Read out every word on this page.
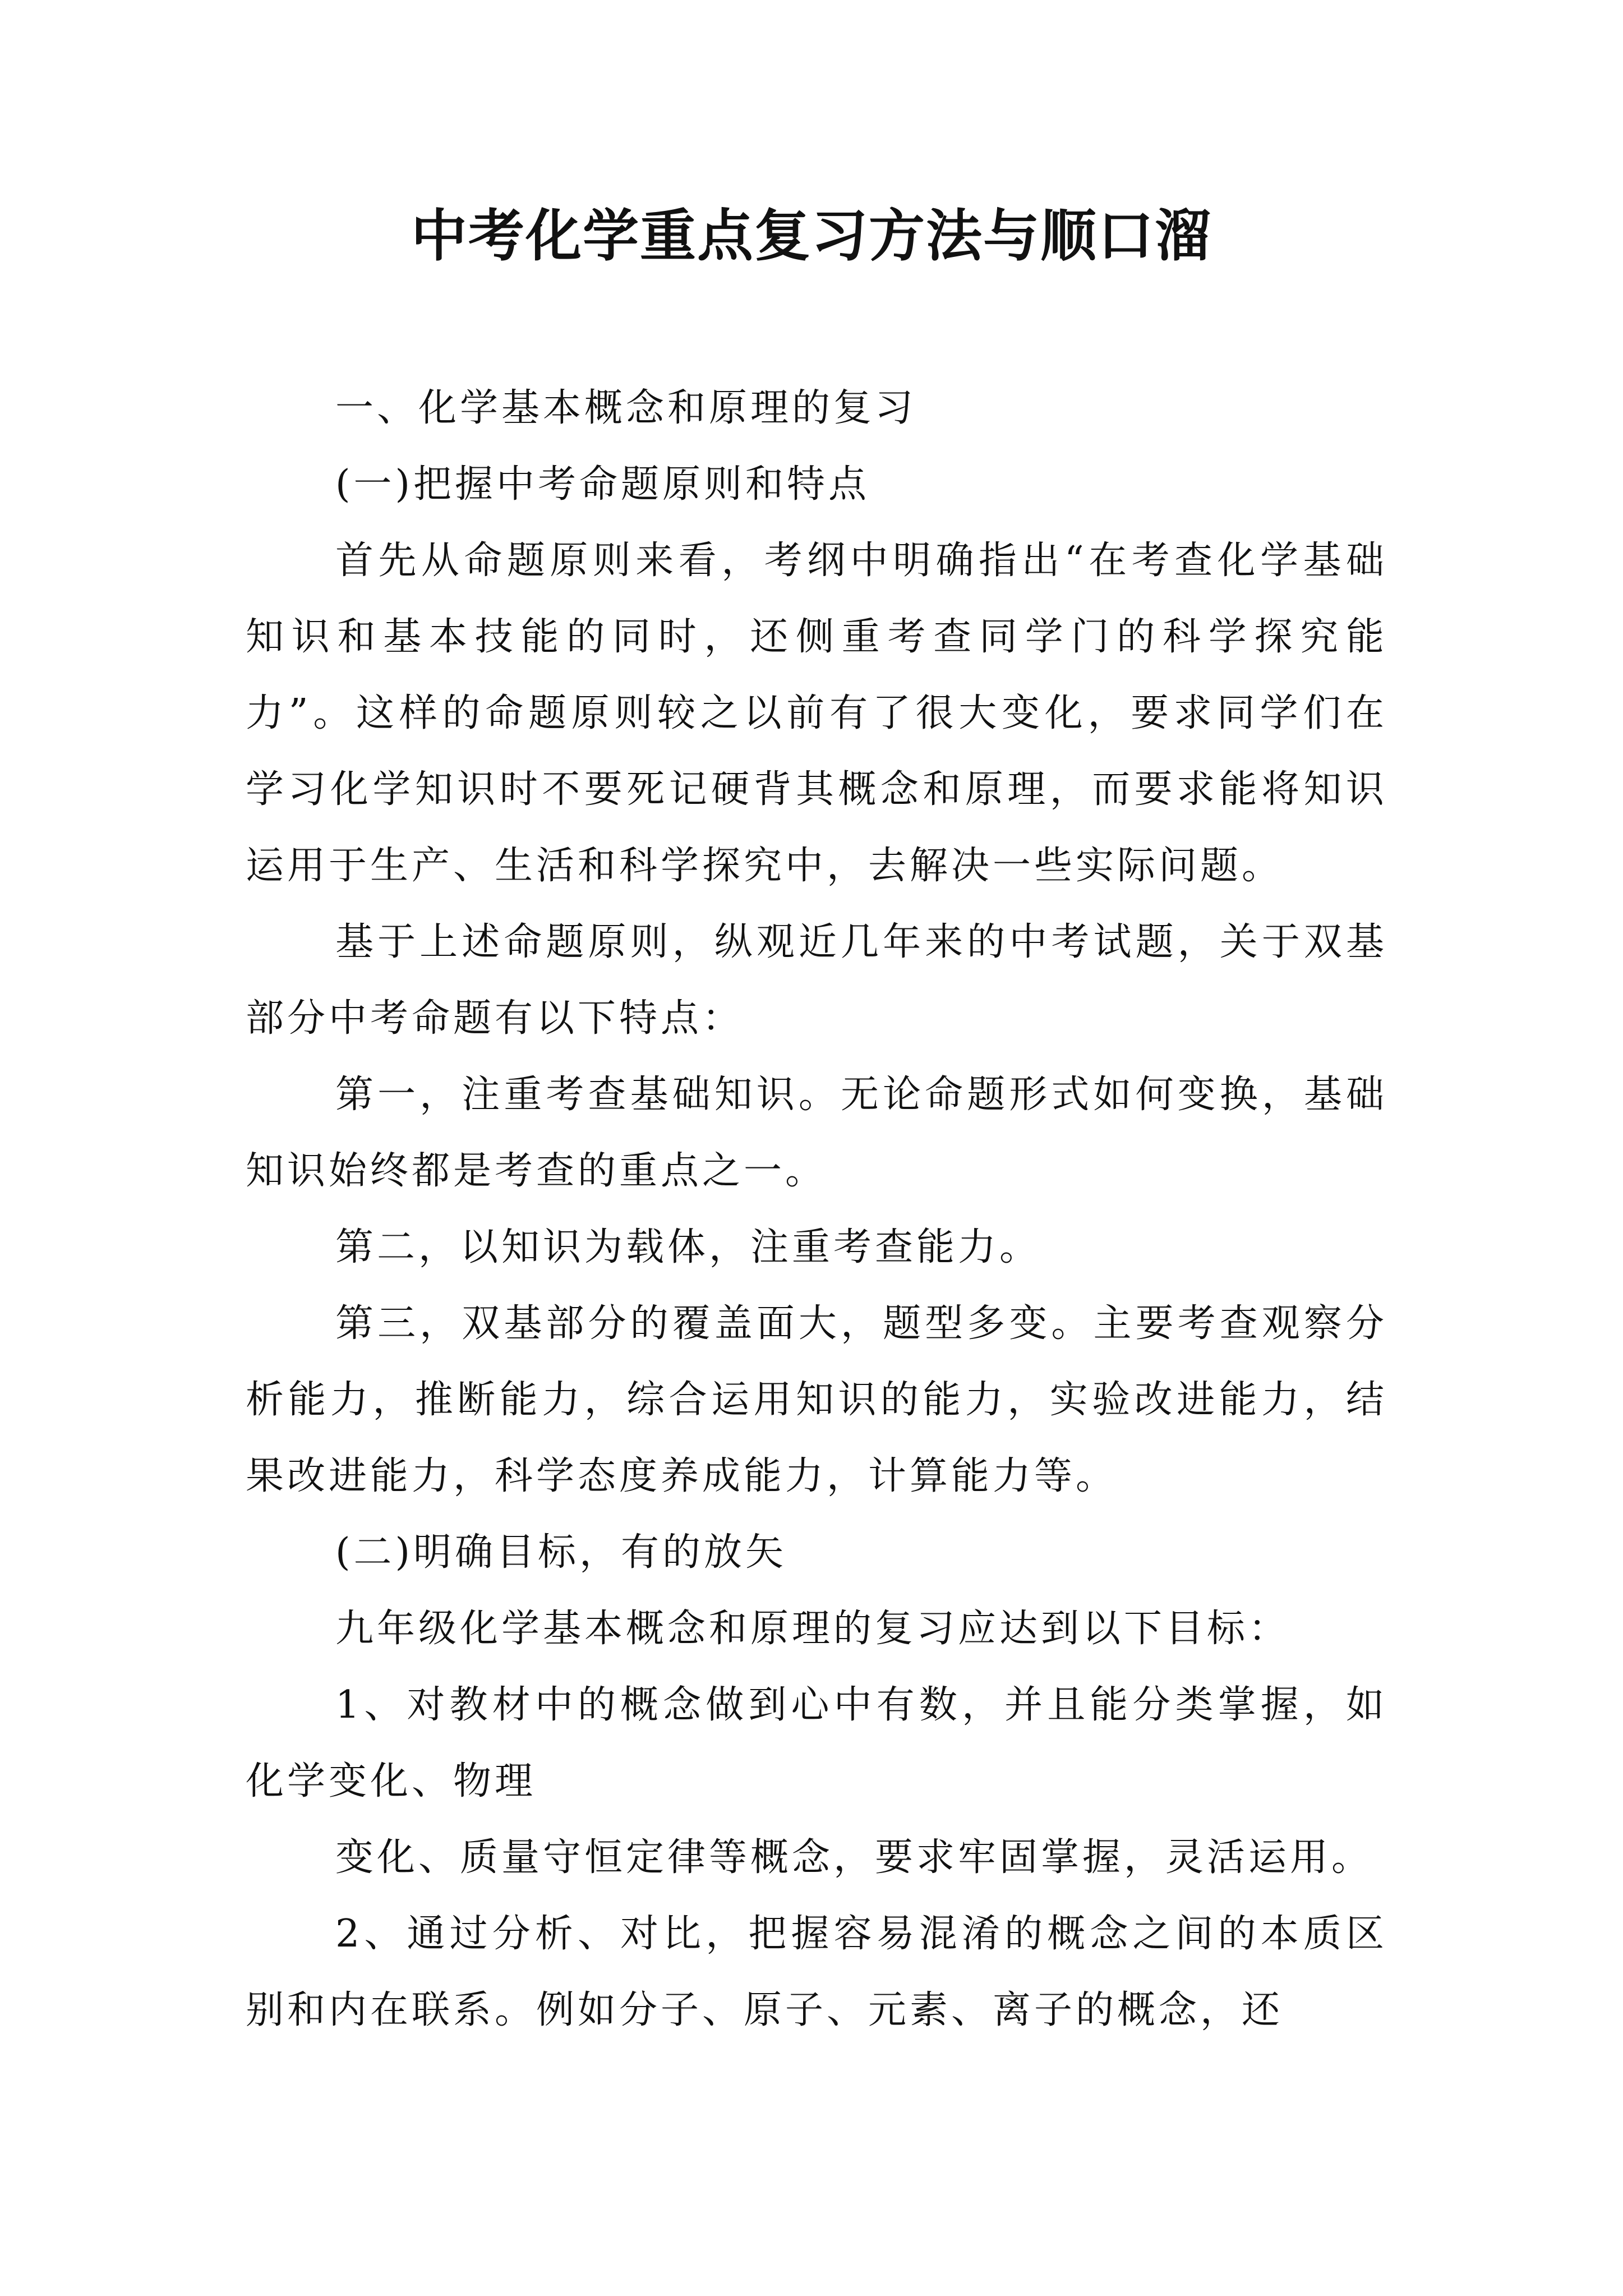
中考化学重点复习方法与顺口溜

一、化学基本概念和原理的复习

(一)把握中考命题原则和特点

首先从命题原则来看，考纲中明确指出“在考查化学基础知识和基本技能的同时，还侧重考查同学门的科学探究能力”。这样的命题原则较之以前有了很大变化，要求同学们在学习化学知识时不要死记硬背其概念和原理，而要求能将知识运用于生产、生活和科学探究中，去解决一些实际问题。

基于上述命题原则，纵观近几年来的中考试题，关于双基部分中考命题有以下特点：

第一，注重考查基础知识。无论命题形式如何变换，基础知识始终都是考查的重点之一。

第二，以知识为载体，注重考查能力。

第三，双基部分的覆盖面大，题型多变。主要考查观察分析能力，推断能力，综合运用知识的能力，实验改进能力，结果改进能力，科学态度养成能力，计算能力等。

(二)明确目标，有的放矢

九年级化学基本概念和原理的复习应达到以下目标：

1、对教材中的概念做到心中有数，并且能分类掌握，如化学变化、物理

变化、质量守恒定律等概念，要求牢固掌握，灵活运用。

2、通过分析、对比，把握容易混淆的概念之间的本质区别和内在联系。例如分子、原子、元素、离子的概念，还
